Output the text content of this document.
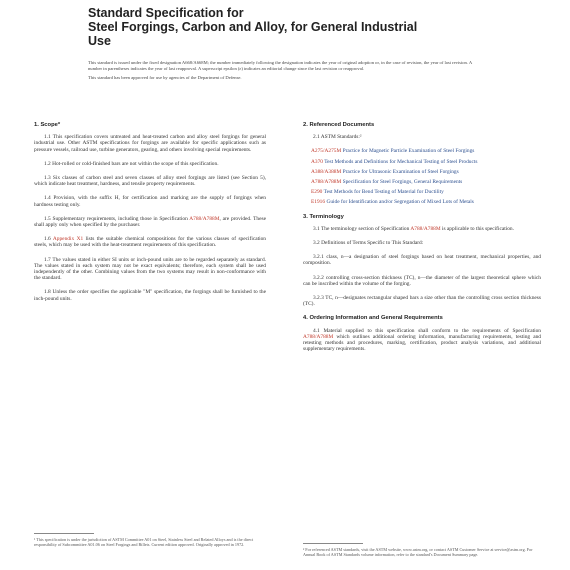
Standard Specification for
Steel Forgings, Carbon and Alloy, for General Industrial
Use

This standard is issued under the fixed designation A668/A668M; the number immediately following the designation indicates the year of original adoption or, in the case of revision, the year of last revision. A number in parentheses indicates the year of last reapproval. A superscript epsilon (ε) indicates an editorial change since the last revision or reapproval.

This standard has been approved for use by agencies of the Department of Defense.

1. Scope*

1.1 This specification covers untreated and heat-treated carbon and alloy steel forgings for general industrial use. Other ASTM specifications for forgings are available for specific applications such as pressure vessels, railroad use, turbine generators, gearing, and others involving special requirements.

1.2 Hot-rolled or cold-finished bars are not within the scope of this specification.

1.3 Six classes of carbon steel and seven classes of alloy steel forgings are listed (see Section 5), which indicate heat treatment, hardness, and tensile property requirements.

1.4 Provision, with the suffix H, for certification and marking are the supply of forgings when hardness testing only.

1.5 Supplementary requirements, including those in Specification A788/A788M, are provided. These shall apply only when specified by the purchaser.

1.6 Appendix X1 lists the suitable chemical compositions for the various classes of specification steels, which may be used with the heat-treatment requirements of this specification.

1.7 The values stated in either SI units or inch-pound units are to be regarded separately as standard. The values stated in each system may not be exact equivalents; therefore, each system shall be used independently of the other. Combining values from the two systems may result in non-conformance with the standard.

1.8 Unless the order specifies the applicable "M" specification, the forgings shall be furnished to the inch-pound units.

¹ This specification is under the jurisdiction of ASTM Committee A01 on Steel, Stainless Steel and Related Alloys and is the direct responsibility of Subcommittee A01.06 on Steel Forgings and Billets. Current edition approved. Originally approved in 1972.
2. Referenced Documents

2.1 ASTM Standards:²

A275/A275M Practice for Magnetic Particle Examination of Steel Forgings
A370 Test Methods and Definitions for Mechanical Testing of Steel Products
A388/A388M Practice for Ultrasonic Examination of Steel Forgings
A788/A788M Specification for Steel Forgings, General Requirements
E290 Test Methods for Bend Testing of Material for Ductility
E1916 Guide for Identification and/or Segregation of Mixed Lots of Metals
3. Terminology

3.1 The terminology section of Specification A788/A788M is applicable to this specification.

3.2 Definitions of Terms Specific to This Standard:

3.2.1 class, n—a designation of steel forgings based on heat treatment, mechanical properties, and composition.

3.2.2 controlling cross-section thickness (TC), n—the diameter of the largest theoretical sphere which can be inscribed within the volume of the forging.

3.2.3 TC, n—designates rectangular shaped bars a size other than the controlling cross section thickness (TC).

4. Ordering Information and General Requirements

4.1 Material supplied to this specification shall conform to the requirements of Specification A788/A788M which outlines additional ordering information, manufacturing requirements, testing and retesting methods and procedures, marking, certification, product analysis variations, and additional supplementary requirements.

² For referenced ASTM standards, visit the ASTM website, www.astm.org, or contact ASTM Customer Service at service@astm.org. For Annual Book of ASTM Standards volume information, refer to the standard's Document Summary page.
